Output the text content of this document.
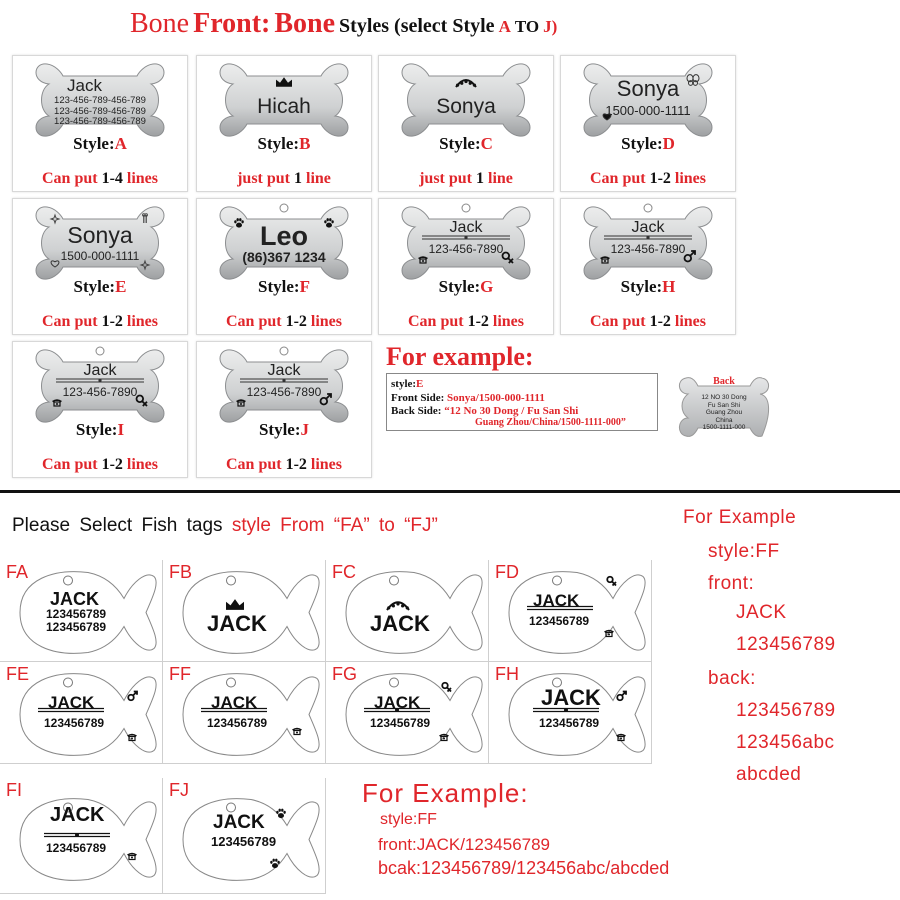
Bone Front: Bone Styles (select Style A TO J)
Jack
123-456-789-456-789
123-456-789-456-789
123-456-789-456-789
Style:A
Can put 1-4 lines
Hicah
Style:B
just put 1 line
Sonya
Style:C
just put 1 line
Sonya
1500-000-1111
Style:D
Can put 1-2 lines
Sonya
1500-000-1111
Style:E
Can put 1-2 lines
Leo
(86)367 1234
Style:F
Can put 1-2 lines
Jack
123-456-7890
Style:G
Can put 1-2 lines
Jack
123-456-7890
Style:H
Can put 1-2 lines
Jack
123-456-7890
Style:I
Can put 1-2 lines
Jack
123-456-7890
Style:J
Can put 1-2 lines
For example:
style:E
Front Side: Sonya/1500-000-1111
Back Side: “12 No 30 Dong / Fu San Shi
Guang Zhou/China/1500-1111-000”
Back
12 NO 30 Dong
Fu San Shi
Guang Zhou
China
1500-1111-000
Please Select Fish tags style From “FA” to “FJ”
FA
JACK
123456789
123456789
FB
JACK
FC
JACK
FD
JACK
123456789
FE
JACK
123456789
FF
JACK
123456789
FG
JACK
123456789
FH
JACK
123456789
FI
JACK
123456789
FJ
JACK
123456789
For Example
style:FF
front:
JACK
123456789
back:
123456789
123456abc
abcded
For Example:
style:FF
front:JACK/123456789
bcak:123456789/123456abc/abcded
